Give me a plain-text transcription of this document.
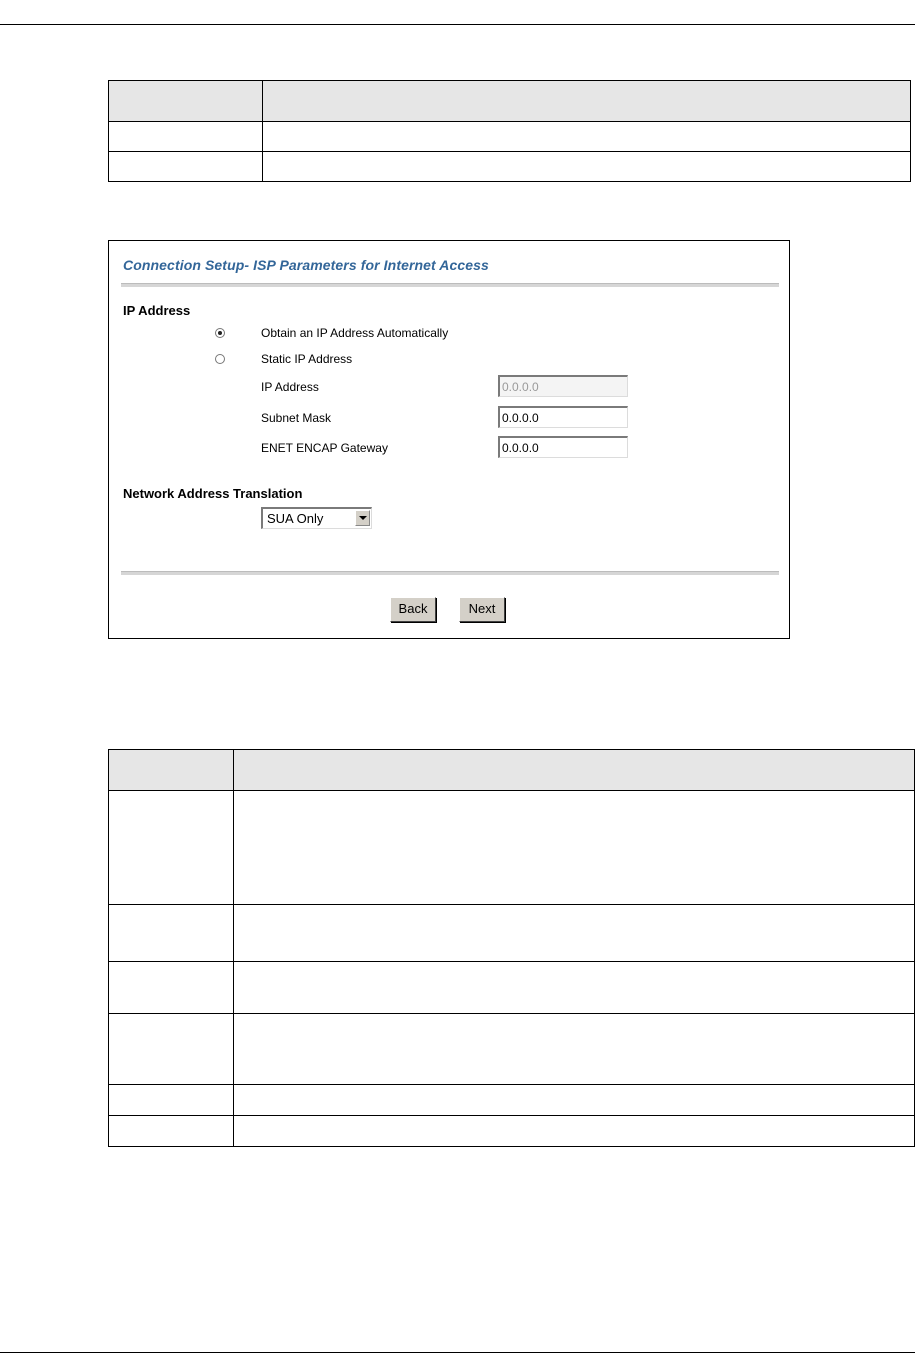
Connection Setup- ISP Parameters for Internet Access
IP Address
Obtain an IP Address Automatically
Static IP Address
IP Address	0.0.0.0
Subnet Mask	0.0.0.0
ENET ENCAP Gateway	0.0.0.0
Network Address Translation
SUA Only
Back	Next
